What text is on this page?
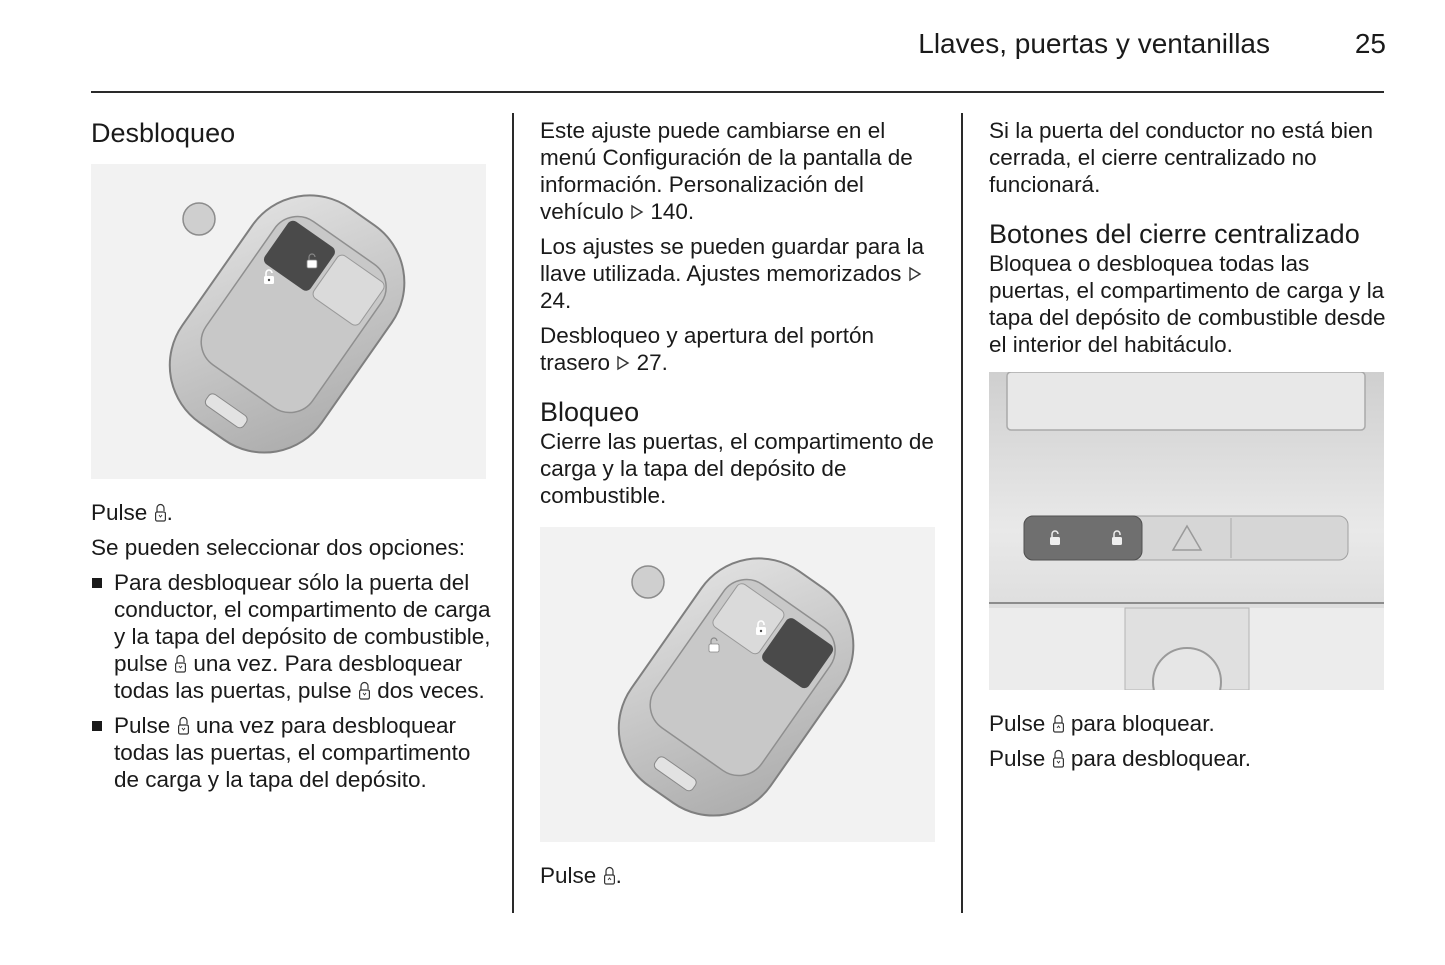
Llaves, puertas y ventanillas	25
Desbloqueo

Pulse .

Se pueden seleccionar dos opciones:

Para desbloquear sólo la puerta del conductor, el compartimento de carga y la tapa del depósito de combustible, pulse una vez. Para desbloquear todas las puertas, pulse dos veces.
Pulse una vez para desbloquear todas las puertas, el compartimento de carga y la tapa del depósito.

Este ajuste puede cambiarse en el menú Configuración de la pantalla de información. Personalización del vehículo 140.

Los ajustes se pueden guardar para la llave utilizada. Ajustes memorizados
24.

Desbloqueo y apertura del portón trasero 27.

Bloqueo

Cierre las puertas, el compartimento de carga y la tapa del depósito de combustible.

Pulse .

Si la puerta del conductor no está bien cerrada, el cierre centralizado no funcionará.

Botones del cierre centralizado

Bloquea o desbloquea todas las puertas, el compartimento de carga y la tapa del depósito de combustible desde el interior del habitáculo.

Pulse para bloquear.

Pulse para desbloquear.
